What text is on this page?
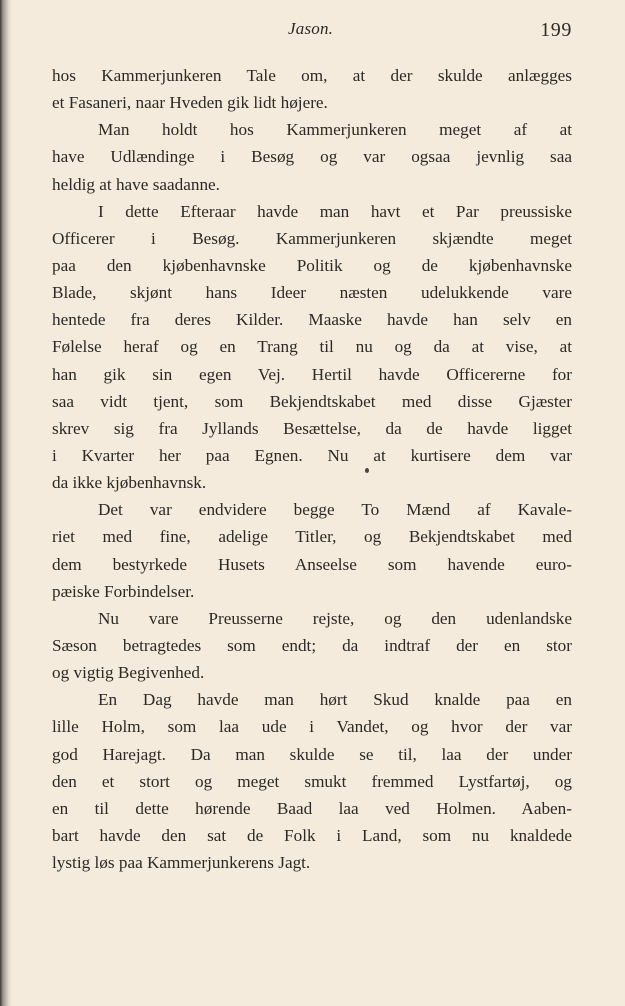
Jason.	199
hos Kammerjunkeren Tale om, at der skulde anlægges
et Fasaneri, naar Hveden gik lidt højere.
Man holdt hos Kammerjunkeren meget af at
have Udlændinge i Besøg og var ogsaa jevnlig saa
heldig at have saadanne.
I dette Efteraar havde man havt et Par preussiske
Officerer i Besøg. Kammerjunkeren skjændte meget
paa den kjøbenhavnske Politik og de kjøbenhavnske
Blade, skjønt hans Ideer næsten udelukkende vare
hentede fra deres Kilder. Maaske havde han selv en
Følelse heraf og en Trang til nu og da at vise, at
han gik sin egen Vej. Hertil havde Officererne for
saa vidt tjent, som Bekjendtskabet med disse Gjæster
skrev sig fra Jyllands Besættelse, da de havde ligget
i Kvarter her paa Egnen. Nu at kurtisere dem var
da ikke kjøbenhavnsk.
Det var endvidere begge To Mænd af Kavale-
riet med fine, adelige Titler, og Bekjendtskabet med
dem bestyrkede Husets Anseelse som havende euro-
pæiske Forbindelser.
Nu vare Preusserne rejste, og den udenlandske
Sæson betragtedes som endt; da indtraf der en stor
og vigtig Begivenhed.
En Dag havde man hørt Skud knalde paa en
lille Holm, som laa ude i Vandet, og hvor der var
god Harejagt. Da man skulde se til, laa der under
den et stort og meget smukt fremmed Lystfartøj, og
en til dette hørende Baad laa ved Holmen. Aaben-
bart havde den sat de Folk i Land, som nu knaldede
lystig løs paa Kammerjunkerens Jagt.
